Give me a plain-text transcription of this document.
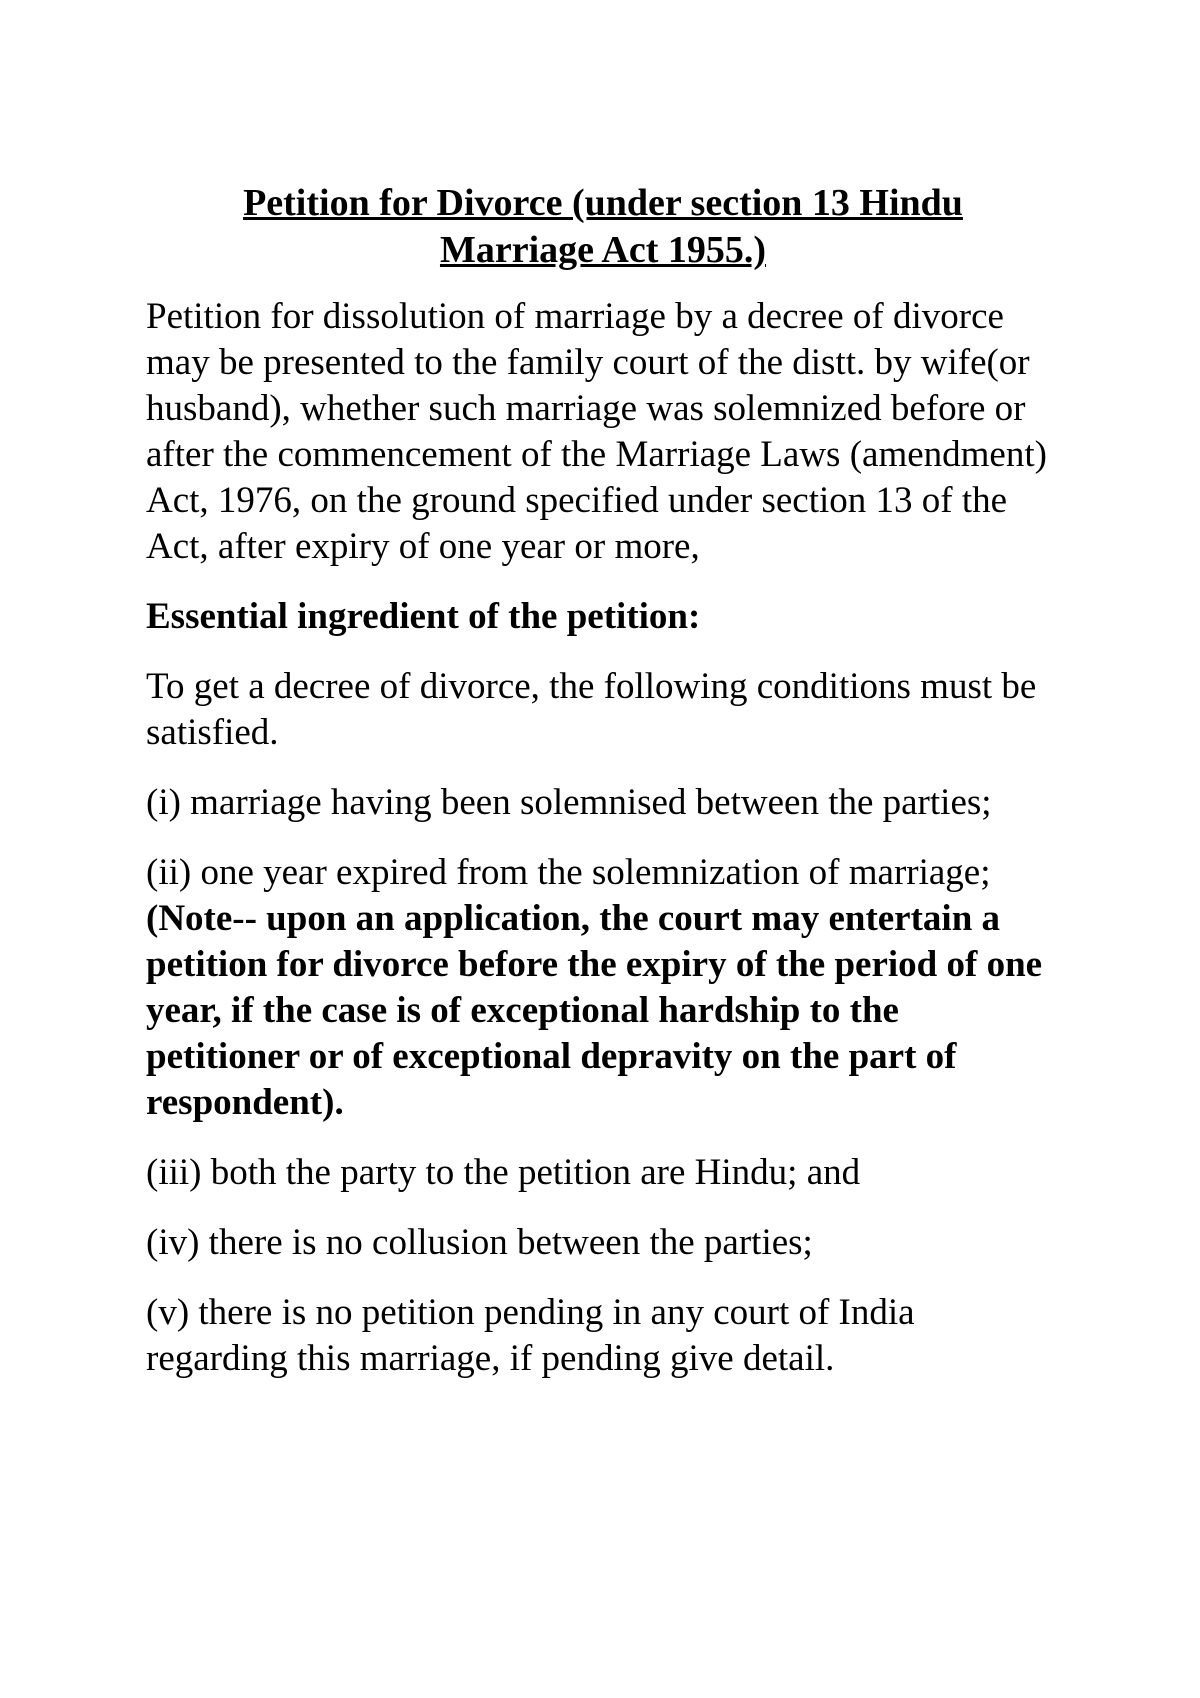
Petition for Divorce (under section 13 Hindu
Marriage Act 1955.)

Petition for dissolution of marriage by a decree of divorce may be presented to the family court of the distt. by wife(or husband), whether such marriage was solemnized before or after the commencement of the Marriage Laws (amendment) Act, 1976, on the ground specified under section 13 of the Act, after expiry of one year or more,

Essential ingredient of the petition:

To get a decree of divorce, the following conditions must be satisfied.

(i) marriage having been solemnised between the parties;

(ii) one year expired from the solemnization of marriage; (Note-- upon an application, the court may entertain a petition for divorce before the expiry of the period of one year, if the case is of exceptional hardship to the petitioner or of exceptional depravity on the part of respondent).

(iii) both the party to the petition are Hindu; and

(iv) there is no collusion between the parties;

(v) there is no petition pending in any court of India regarding this marriage, if pending give detail.
